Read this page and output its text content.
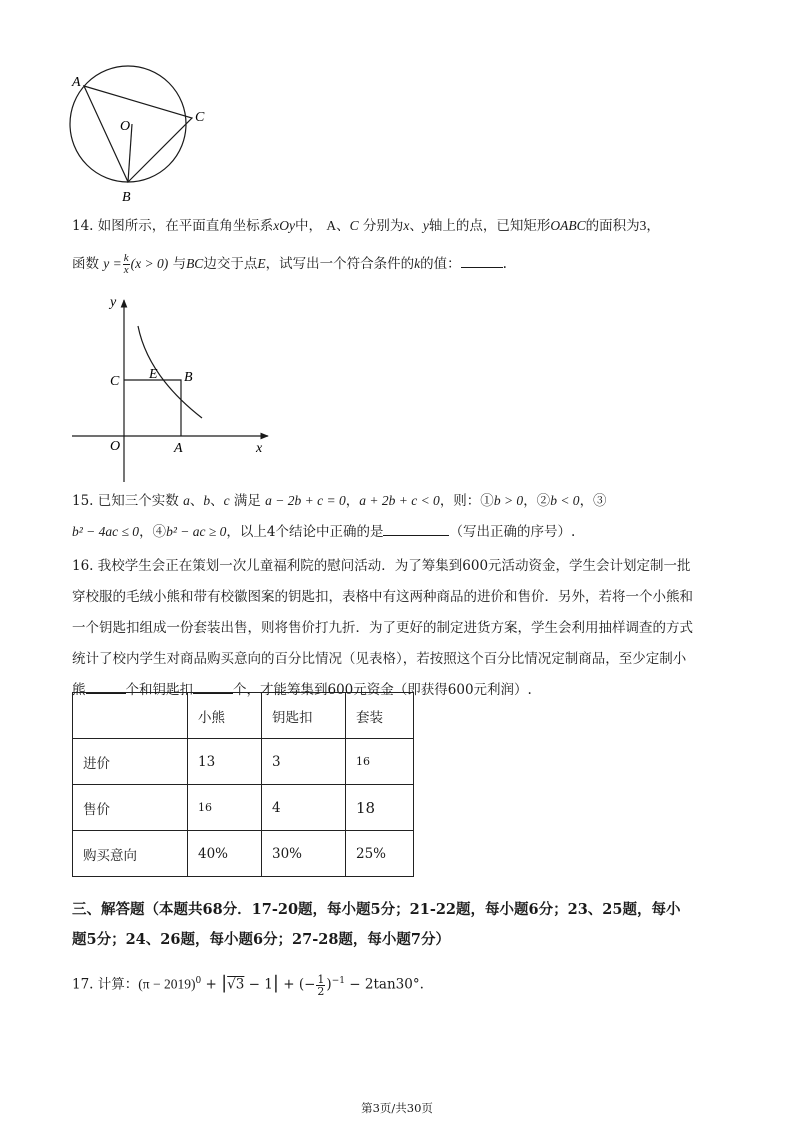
A
O
C
B
14. 如图所示，在平面直角坐标系xOy中， A、C 分别为x、y轴上的点，已知矩形OABC的面积为3，
函数 $y = \frac{k}{x} (x > 0)$ 与BC边交于点E，试写出一个符合条件的k的值：	.
y
x
O	A
C	B
E
15. 已知三个实数 a、b、c 满足 a − 2b + c = 0，a + 2b + c < 0，则：①b > 0，②b < 0，③
b² − 4ac ≤ 0，④b² − ac ≥ 0，以上4个结论中正确的是	（写出正确的序号）.
16. 我校学生会正在策划一次儿童福利院的慰问活动．为了筹集到600元活动资金，学生会计划定制一批
穿校服的毛绒小熊和带有校徽图案的钥匙扣，表格中有这两种商品的进价和售价．另外，若将一个小熊和
一个钥匙扣组成一份套装出售，则将售价打九折．为了更好的制定进货方案，学生会利用抽样调查的方式
统计了校内学生对商品购买意向的百分比情况（见表格），若按照这个百分比情况定制商品，至少定制小
熊	个和钥匙扣	个，才能筹集到600元资金（即获得600元利润）.
	小熊	钥匙扣	套装
进价	13	3	16
售价	16	4	18
购买意向	40%	30%	25%
三、解答题（本题共68分．17-20题，每小题5分；21-22题，每小题6分；23、25题，每小
题5分；24、26题，每小题6分；27-28题，每小题7分）
17. 计算：$(\pi - 2019)^0 + |√3 - 1|$ + (− $\frac{1}{2} )^{-1} - 2\tan 30^\circ$.
第3页/共30页
